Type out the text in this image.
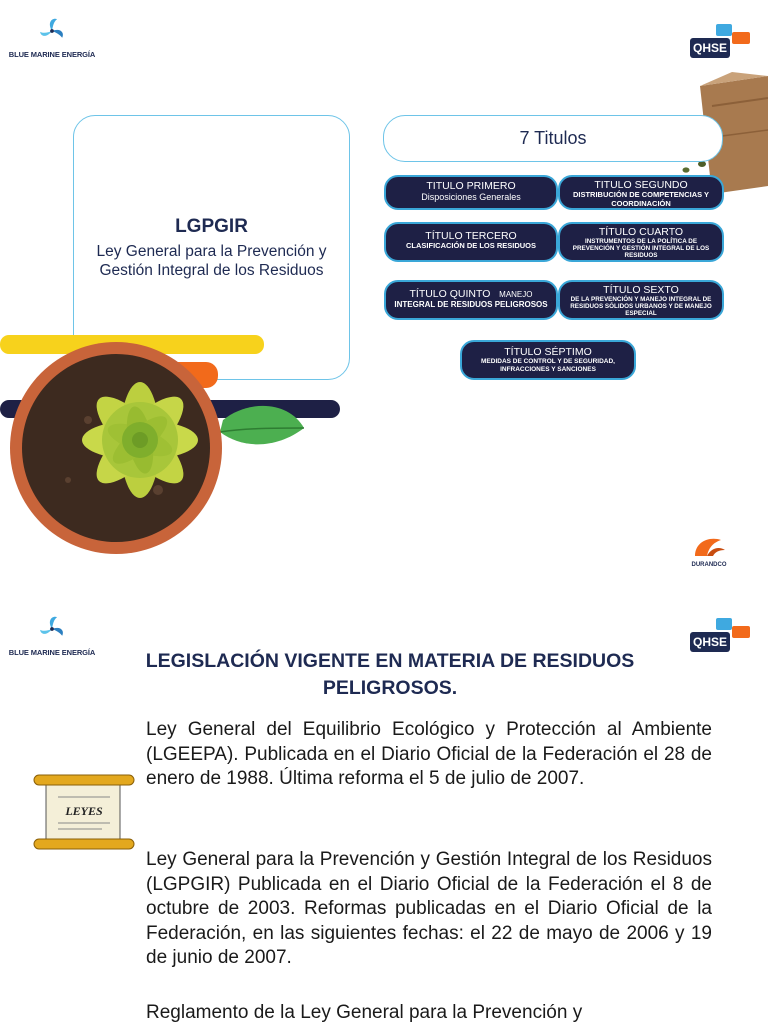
BLUE MARINE ENERGÍA	QHSE
LGPGIR
Ley General para la Prevención y Gestión Integral de los Residuos
7 Titulos
TITULO PRIMERO
Disposiciones Generales
TITULO SEGUNDO
DISTRIBUCIÓN DE COMPETENCIAS Y COORDINACIÓN
TÍTULO TERCERO
CLASIFICACIÓN DE LOS RESIDUOS
TÍTULO CUARTO
INSTRUMENTOS DE LA POLÍTICA DE PREVENCIÓN Y GESTIÓN INTEGRAL DE LOS RESIDUOS
TÍTULO QUINTO MANEJO
INTEGRAL DE RESIDUOS PELIGROSOS
TÍTULO SEXTO
DE LA PREVENCIÓN Y MANEJO INTEGRAL DE RESIDUOS SÓLIDOS URBANOS Y DE MANEJO ESPECIAL
TÍTULO SÉPTIMO
MEDIDAS DE CONTROL Y DE SEGURIDAD, INFRACCIONES Y SANCIONES
DURANDCO
BLUE MARINE ENERGÍA
QHSE
LEGISLACIÓN VIGENTE EN MATERIA DE RESIDUOS PELIGROSOS.
LEYES

Ley General del Equilibrio Ecológico y Protección al Ambiente (LGEEPA). Publicada en el Diario Oficial de la Federación el 28 de enero de 1988. Última reforma el 5 de julio de 2007.

Ley General para la Prevención y Gestión Integral de los Residuos (LGPGIR) Publicada en el Diario Oficial de la Federación el 8 de octubre de 2003. Reformas publicadas en el Diario Oficial de la Federación, en las siguientes fechas: el 22 de mayo de 2006 y 19 de junio de 2007.

Reglamento de la Ley General para la Prevención y
